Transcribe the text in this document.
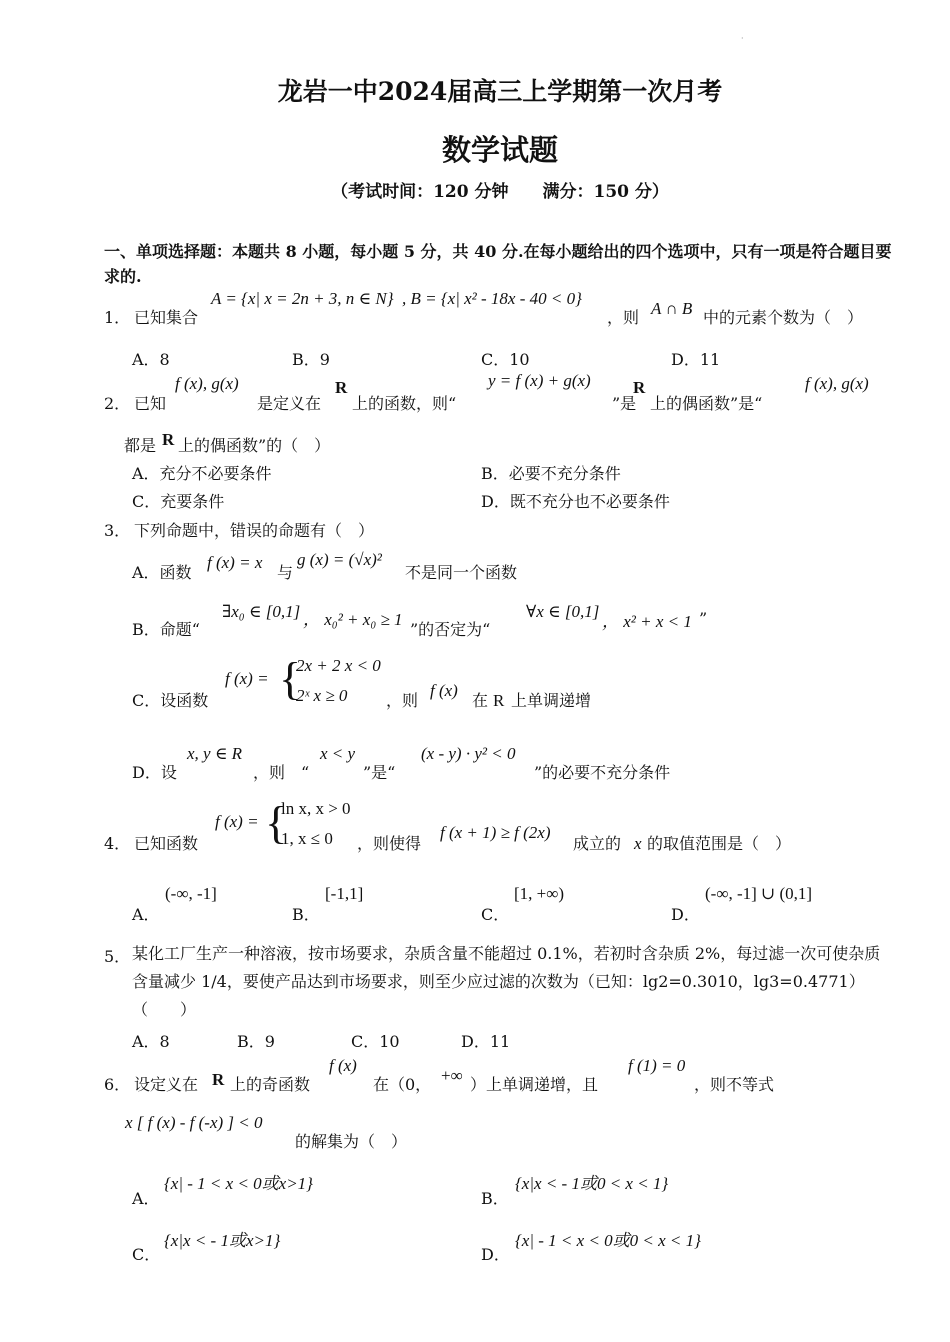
·
龙岩一中2024届高三上学期第一次月考
数学试题
（考试时间：120 分钟　　满分：150 分）
一、单项选择题：本题共 8 小题，每小题 5 分，共 40 分.在每小题给出的四个选项中，只有一项是符合题目要求的.
1． 已知集合
A = {x| x = 2n + 3, n ∈ N} , B = {x| x² - 18x - 40 < 0}
，则 A ∩ B 中的元素个数为（　）
A．8	B．9	C．10	D．11
2． 已知
f (x), g(x)
是定义在
R
上的函数，则“
y = f (x) + g(x)
”是
R
上的偶函数”是“
f (x), g(x)
都是 R 上的偶函数”的（　）
A．充分不必要条件	B．必要不充分条件
C．充要条件	D．既不充分也不必要条件
3． 下列命题中，错误的命题有（　）
A．函数
f (x) = x
与
g (x) = (√x)²
不是同一个函数
B．命题“
∃x₀ ∈ [0,1] ， x₀² + x₀ ≥ 1
”的否定为“
∀x ∈ [0,1]
， x² + x < 1 ”
C．设函数
f (x) = {
2x + 2 x < 0
2ˣ x ≥ 0 ，则
f (x)
在 R 上单调递增
D．设
x, y ∈ R
，则　“
x < y
”是“
(x - y) · y² < 0
”的必要不充分条件
4． 已知函数
f (x) = {
ln x, x > 0
1, x ≤ 0 ，则使得
f (x + 1) ≥ f (2x)
成立的 x 的取值范围是（　）
A．
(-∞, -1]
B．
[-1,1]
C．
[1, +∞)
D．
(-∞, -1] ∪ (0,1]
5． 某化工厂生产一种溶液，按市场要求，杂质含量不能超过 0.1%，若初时含杂质 2%，每过滤一次可使杂质含量减少 1/4，要使产品达到市场要求，则至少应过滤的次数为（已知：lg2=0.3010，lg3=0.4771）（　　）
A．8	B．9	C．10	D．11
6． 设定义在 R 上的奇函数
f (x)
在（0， +∞ ）上单调递增，且
f (1) = 0
，则不等式
x [ f (x) - f (-x) ] < 0
的解集为（　）
A．
{x| - 1 < x < 0或x>1}
B．
{x|x < - 1或0 < x < 1}
C．
{x|x < - 1或x>1}
D．
{x| - 1 < x < 0或0 < x < 1}
